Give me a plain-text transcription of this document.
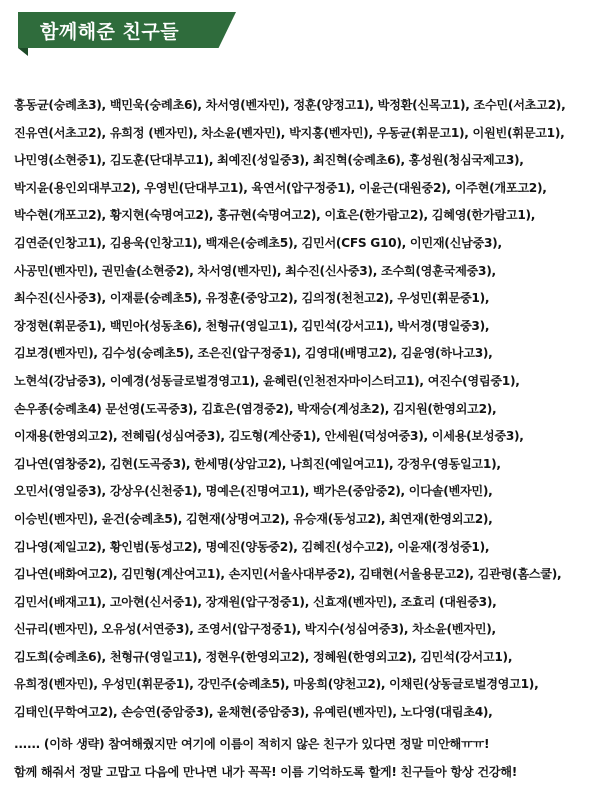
함께해준 친구들
홍동균(숭례초3), 백민욱(숭례초6), 차서영(벤자민), 정훈(양정고1), 박정환(신목고1), 조수민(서초고2),
진유연(서초고2), 유희정 (벤자민), 차소윤(벤자민), 박지홍(벤자민), 우동균(휘문고1), 이원빈(휘문고1),
나민영(소현중1), 김도훈(단대부고1), 최예진(성일중3), 최진혁(숭례초6), 홍성원(청심국제고3),
박지윤(용인외대부고2), 우영빈(단대부고1), 육연서(압구정중1), 이윤근(대원중2), 이주현(개포고2),
박수현(개포고2), 황지현(숙명여고2), 홍규현(숙명여고2), 이효은(한가람고2), 김혜영(한가람고1),
김연준(인창고1), 김용욱(인창고1), 백재은(숭례초5), 김민서(CFS G10), 이민재(신남중3),
사공민(벤자민), 권민솔(소현중2), 차서영(벤자민), 최수진(신사중3), 조수희(영훈국제중3),
최수진(신사중3), 이재륜(숭례초5), 유정훈(중앙고2), 김의정(천천고2), 우성민(휘문중1),
장정현(휘문중1), 백민아(성동초6), 천형규(영일고1), 김민석(강서고1), 박서경(명일중3),
김보경(벤자민), 김수성(숭례초5), 조은진(압구정중1), 김영대(배명고2), 김윤영(하나고3),
노현석(강남중3), 이예경(성동글로벌경영고1), 윤혜린(인천전자마이스터고1), 여진수(영림중1),
손우종(숭례초4) 문선영(도곡중3), 김효은(염경중2), 박재승(계성초2), 김지원(한영외고2),
이재용(한영외고2), 전혜림(성심여중3), 김도형(계산중1), 안세원(덕성여중3), 이세용(보성중3),
김나연(염창중2), 김현(도곡중3), 한세명(상암고2), 나희진(예일여고1), 강정우(영동일고1),
오민서(영일중3), 강상우(신천중1), 명예은(진명여고1), 백가은(중암중2), 이다솔(벤자민),
이승빈(벤자민), 윤건(숭례초5), 김현재(상명여고2), 유승재(동성고2), 최연재(한영외고2),
김나영(제일고2), 황인범(동성고2), 명예진(양동중2), 김혜진(성수고2), 이윤재(정성중1),
김나연(배화여고2), 김민형(계산여고1), 손지민(서울사대부중2), 김태현(서울용문고2), 김관령(홈스쿨),
김민서(배재고1), 고아현(신서중1), 장재원(압구정중1), 신효재(벤자민), 조효리 (대원중3),
신규리(벤자민), 오유성(서연중3), 조영서(압구정중1), 박지수(성심여중3), 차소윤(벤자민),
김도희(숭례초6), 천형규(영일고1), 정현우(한영외고2), 정혜원(한영외고2), 김민석(강서고1),
유희정(벤자민), 우성민(휘문중1), 강민주(숭례초5), 마웅희(양천고2), 이채린(상동글로벌경영고1),
김태인(무학여고2), 손승연(중암중3), 윤채현(중암중3), 유예린(벤자민), 노다영(대림초4),
...... (이하 생략) 참여해줬지만 여기에 이름이 적히지 않은 친구가 있다면 정말 미안해ㅠㅠ!
함께 해줘서 정말 고맙고 다음에 만나면 내가 꼭꼭! 이름 기억하도록 할게! 친구들아 항상 건강해!
